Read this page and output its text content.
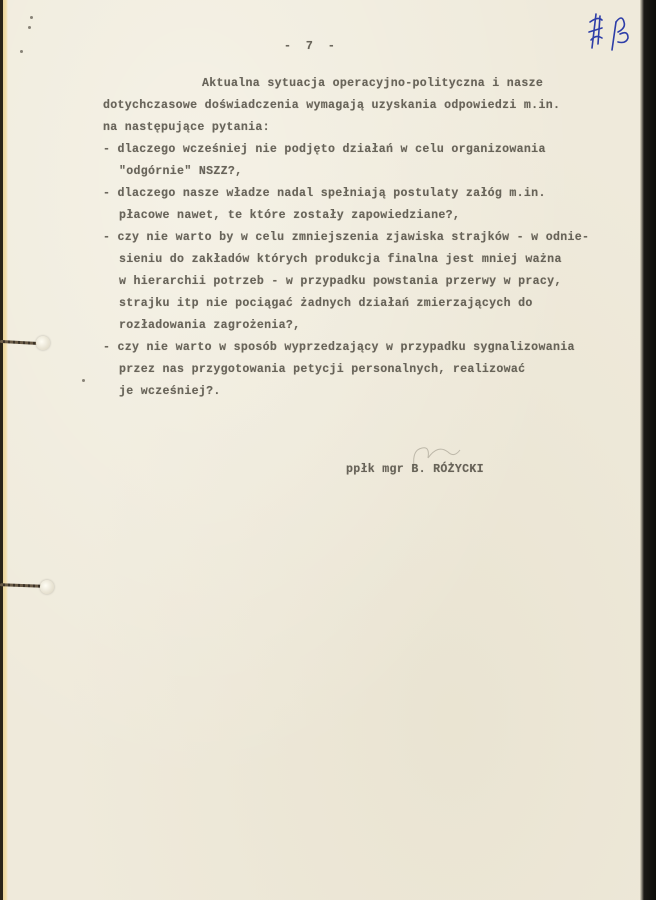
- 7 -
Aktualna sytuacja operacyjno-polityczna i nasze
dotychczasowe doświadczenia wymagają uzyskania odpowiedzi m.in.
na następujące pytania:
- dlaczego wcześniej nie podjęto działań w celu organizowania
"odgórnie" NSZZ?,
- dlaczego nasze władze nadal spełniają postulaty załóg m.in.
płacowe nawet, te które zostały zapowiedziane?,
- czy nie warto by w celu zmniejszenia zjawiska strajków - w odnie-
sieniu do zakładów których produkcja finalna jest mniej ważna
w hierarchii potrzeb - w przypadku powstania przerwy w pracy,
strajku itp nie pociągać żadnych działań zmierzających do
rozładowania zagrożenia?,
- czy nie warto w sposób wyprzedzający w przypadku sygnalizowania
przez nas przygotowania petycji personalnych, realizować
je wcześniej?.
ppłk mgr B. RÓŻYCKI
